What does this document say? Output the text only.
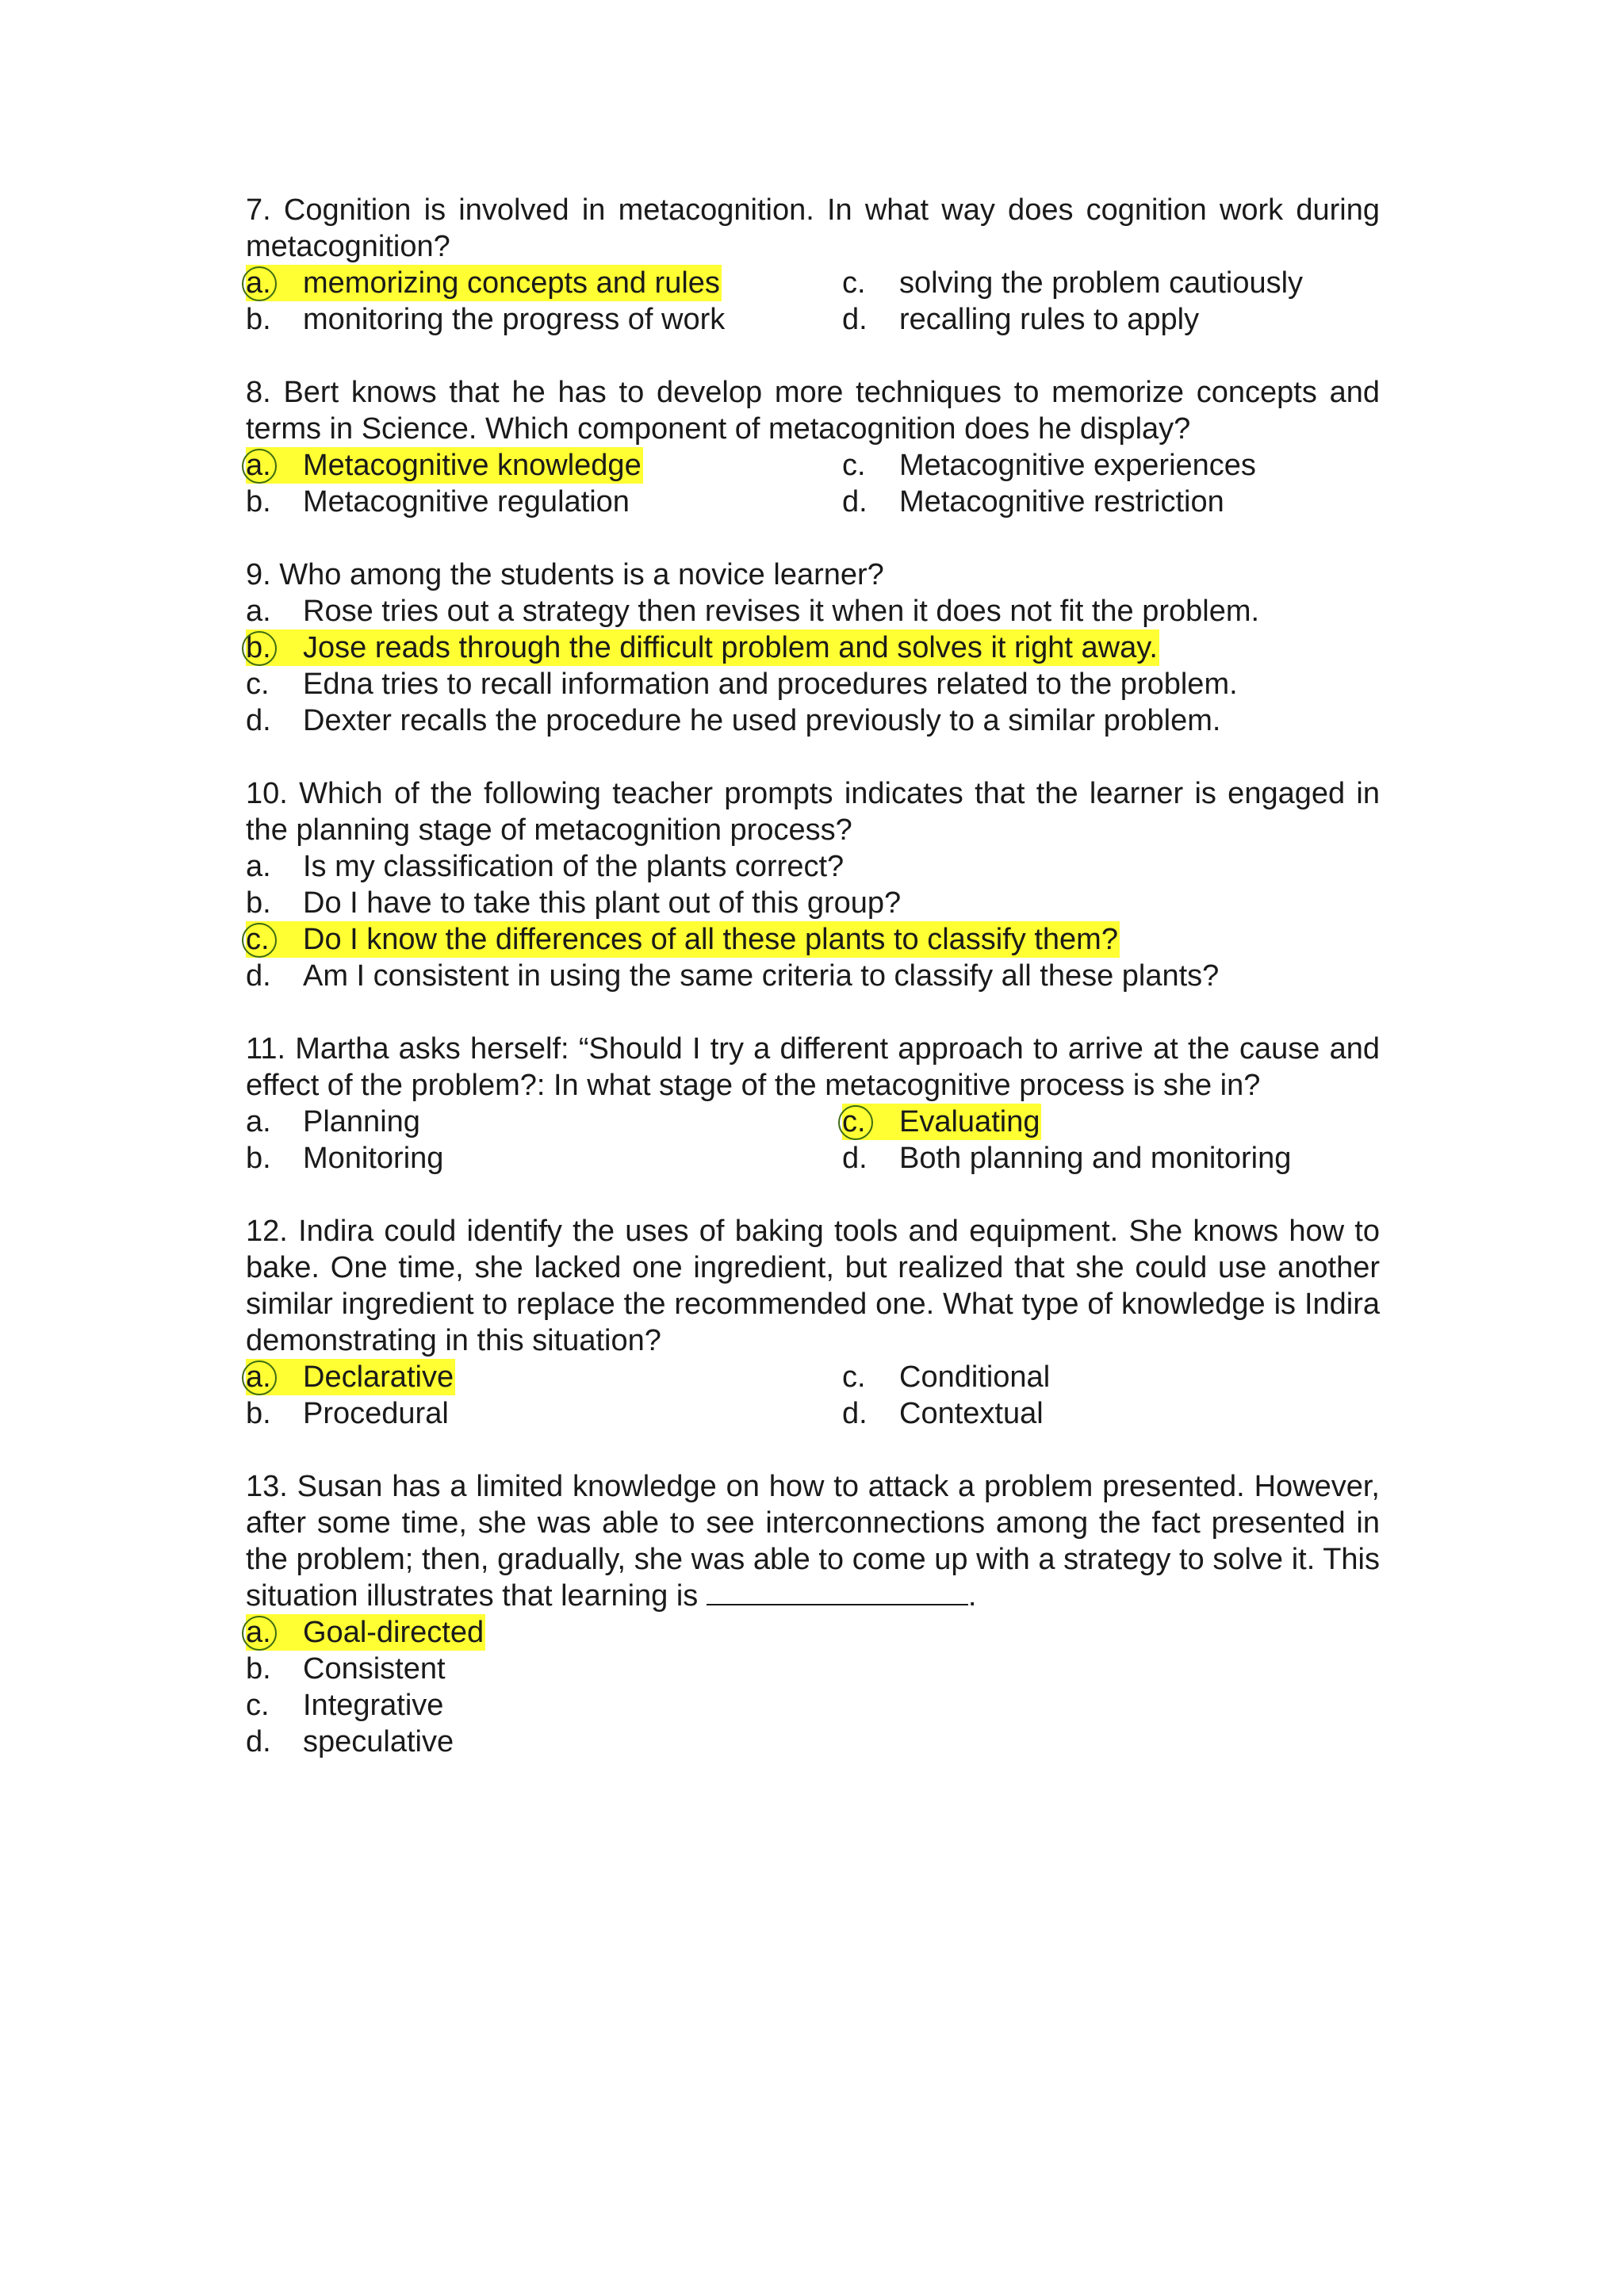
7. Cognition is involved in metacognition. In what way does cognition work during metacognition?

a.	memorizing concepts and rules	c.	solving the problem cautiously
b.	monitoring the progress of work	d.	recalling rules to apply

8. Bert knows that he has to develop more techniques to memorize concepts and terms in Science. Which component of metacognition does he display?

a.	Metacognitive knowledge	c.	Metacognitive experiences
b.	Metacognitive regulation	d.	Metacognitive restriction

9. Who among the students is a novice learner?

a.	Rose tries out a strategy then revises it when it does not fit the problem.
b.	Jose reads through the difficult problem and solves it right away.
c.	Edna tries to recall information and procedures related to the problem.
d.	Dexter recalls the procedure he used previously to a similar problem.

10. Which of the following teacher prompts indicates that the learner is engaged in the planning stage of metacognition process?

a.	Is my classification of the plants correct?
b.	Do I have to take this plant out of this group?
c.	Do I know the differences of all these plants to classify them?
d.	Am I consistent in using the same criteria to classify all these plants?

11. Martha asks herself: “Should I try a different approach to arrive at the cause and effect of the problem?: In what stage of the metacognitive process is she in?

a.	Planning	c.	Evaluating
b.	Monitoring	d.	Both planning and monitoring

12. Indira could identify the uses of baking tools and equipment. She knows how to bake. One time, she lacked one ingredient, but realized that she could use another similar ingredient to replace the recommended one. What type of knowledge is Indira demonstrating in this situation?

a.	Declarative	c.	Conditional
b.	Procedural	d.	Contextual

13. Susan has a limited knowledge on how to attack a problem presented. However, after some time, she was able to see interconnections among the fact presented in the problem; then, gradually, she was able to come up with a strategy to solve it. This situation illustrates that learning is	.

a.	Goal-directed
b.	Consistent
c.	Integrative
d.	speculative
